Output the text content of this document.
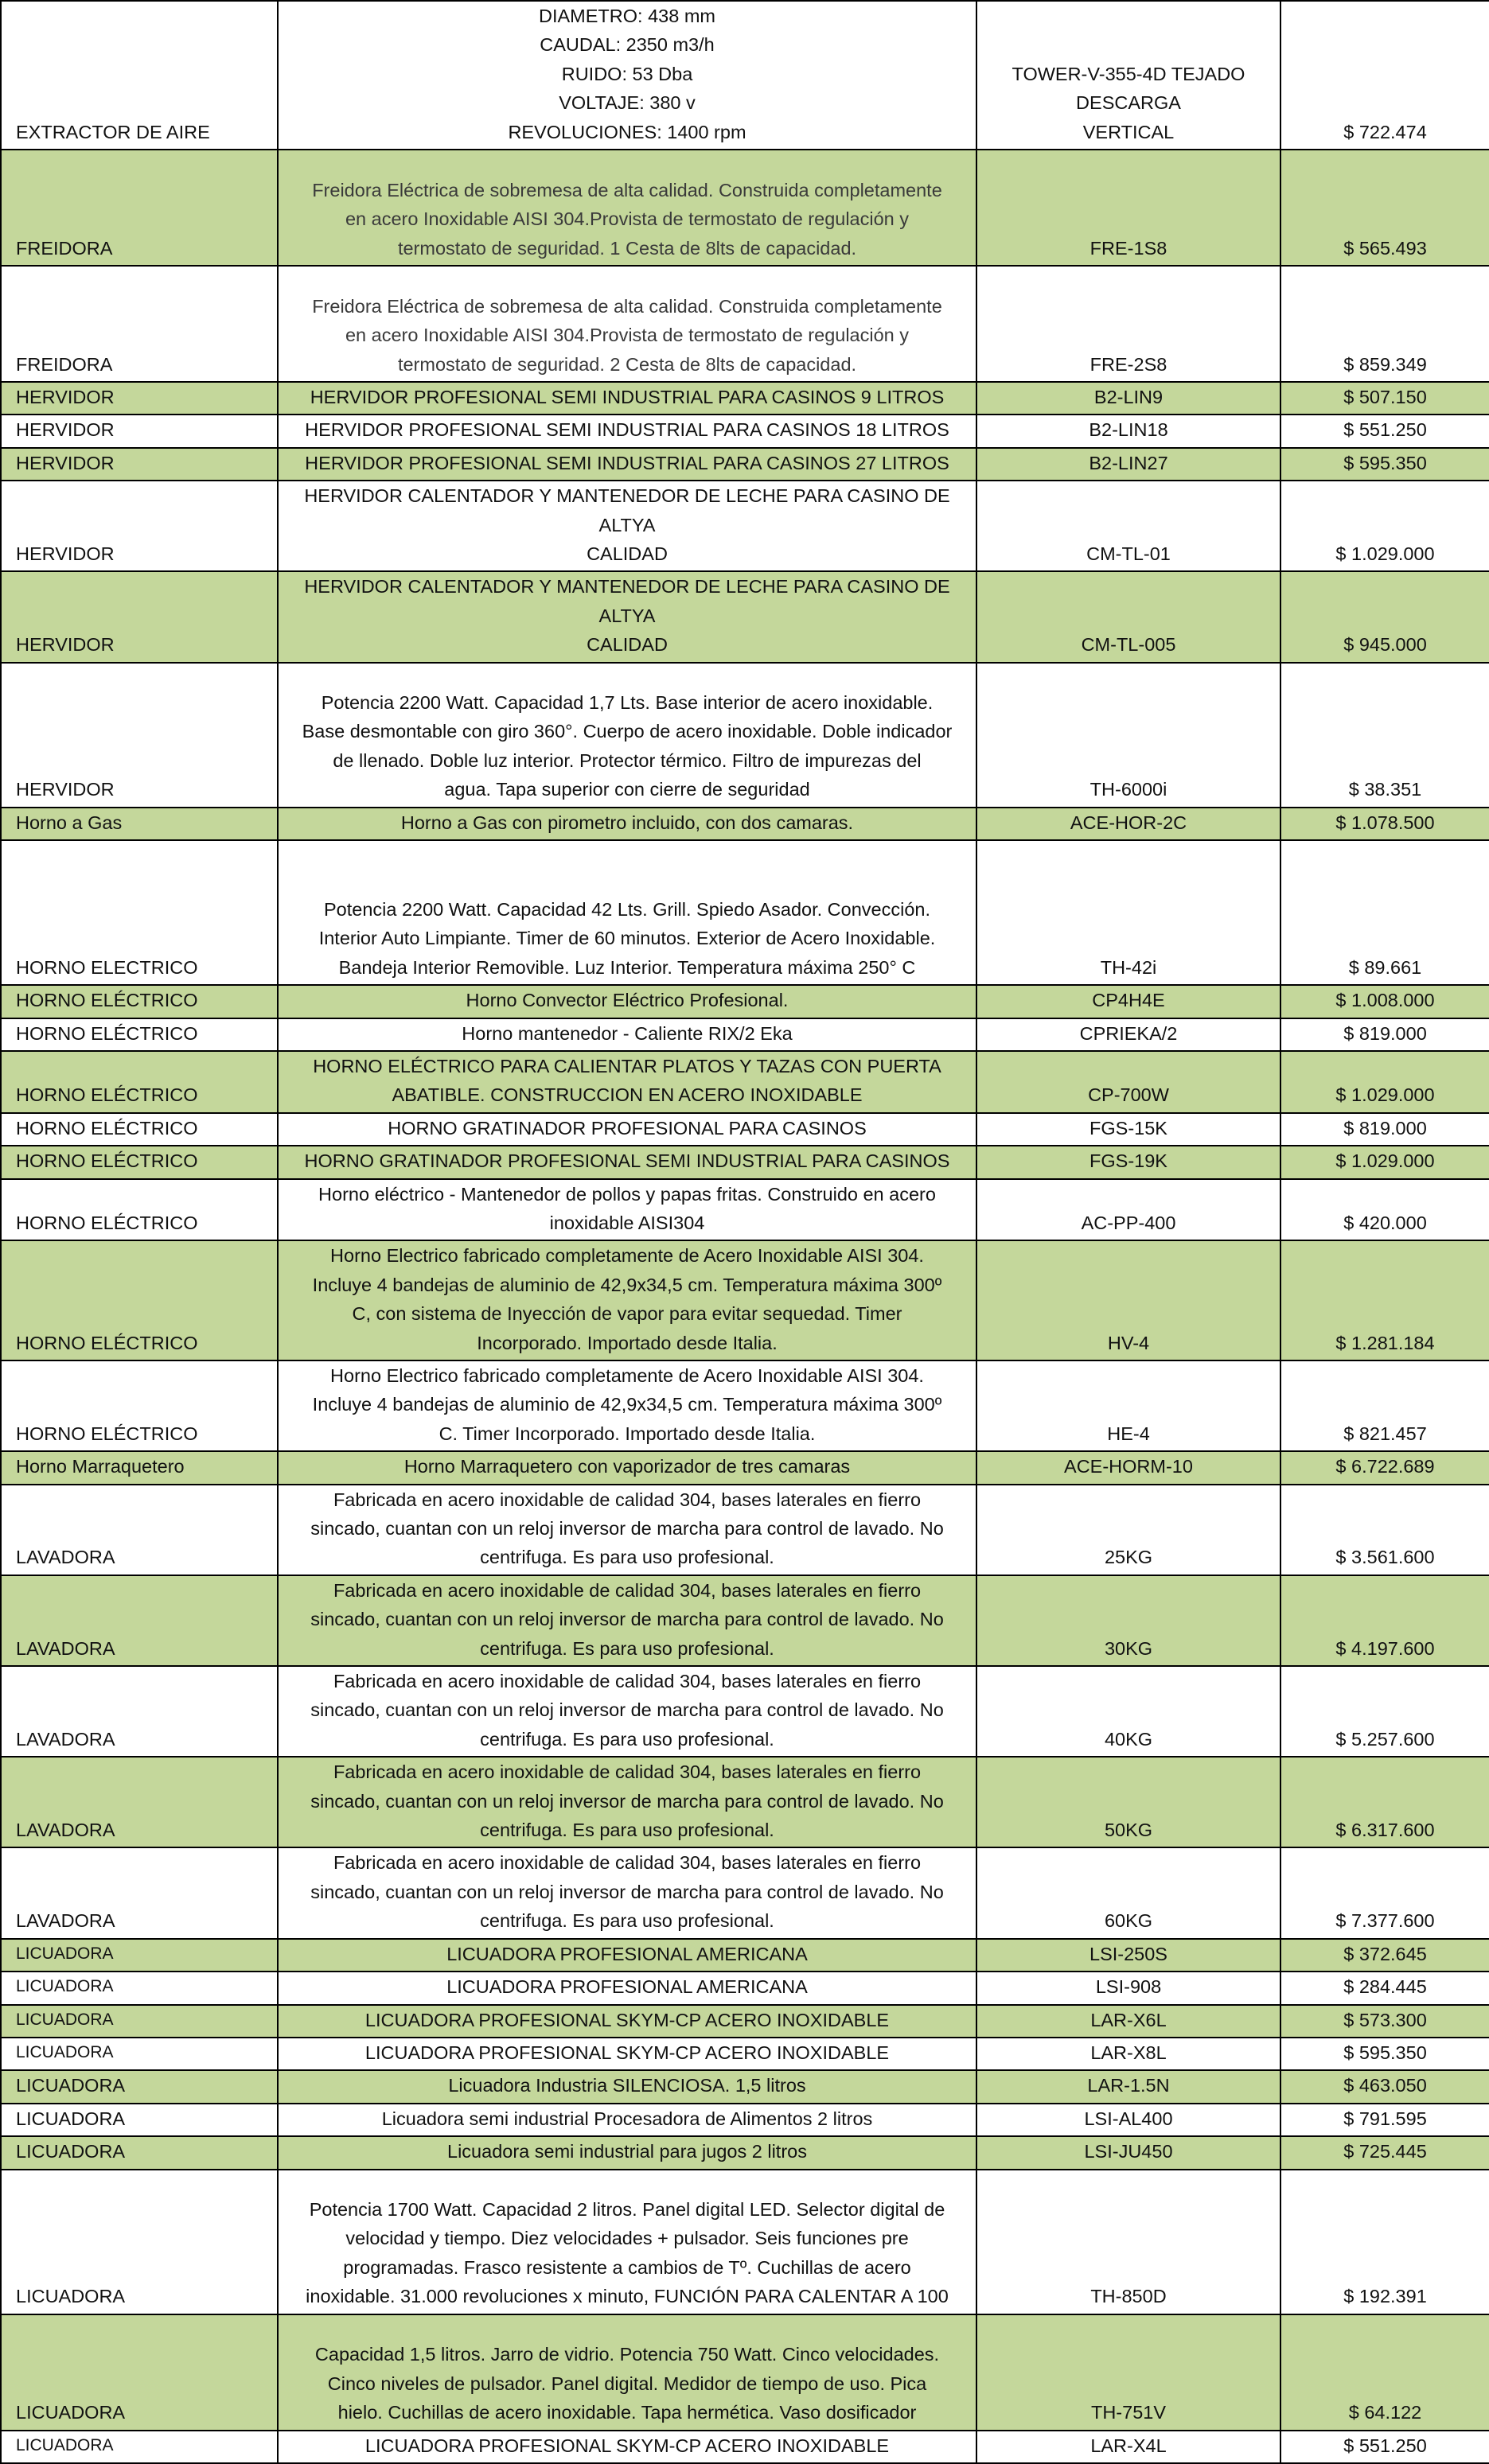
EXTRACTOR DE AIRE	DIAMETRO: 438 mm
CAUDAL: 2350 m3/h
RUIDO: 53 Dba
VOLTAJE: 380 v
REVOLUCIONES: 1400 rpm	TOWER-V-355-4D TEJADO
DESCARGA
VERTICAL	$ 722.474
FREIDORA	Freidora Eléctrica de sobremesa de alta calidad. Construida completamente
en acero Inoxidable AISI 304.Provista de termostato de regulación y
termostato de seguridad. 1 Cesta de 8lts de capacidad.	FRE-1S8	$ 565.493
FREIDORA	Freidora Eléctrica de sobremesa de alta calidad. Construida completamente
en acero Inoxidable AISI 304.Provista de termostato de regulación y
termostato de seguridad. 2 Cesta de 8lts de capacidad.	FRE-2S8	$ 859.349
HERVIDOR	HERVIDOR PROFESIONAL SEMI INDUSTRIAL PARA CASINOS 9 LITROS	B2-LIN9	$ 507.150
HERVIDOR	HERVIDOR PROFESIONAL SEMI INDUSTRIAL PARA CASINOS 18 LITROS	B2-LIN18	$ 551.250
HERVIDOR	HERVIDOR PROFESIONAL SEMI INDUSTRIAL PARA CASINOS 27 LITROS	B2-LIN27	$ 595.350
HERVIDOR	HERVIDOR CALENTADOR Y MANTENEDOR DE LECHE PARA CASINO DE ALTYA
CALIDAD	CM-TL-01	$ 1.029.000
HERVIDOR	HERVIDOR CALENTADOR Y MANTENEDOR DE LECHE PARA CASINO DE ALTYA
CALIDAD	CM-TL-005	$ 945.000
HERVIDOR	Potencia 2200 Watt. Capacidad 1,7 Lts. Base interior de acero inoxidable.
Base desmontable con giro 360°. Cuerpo de acero inoxidable. Doble indicador
de llenado. Doble luz interior. Protector térmico. Filtro de impurezas del
agua. Tapa superior con cierre de seguridad	TH-6000i	$ 38.351
Horno a Gas	Horno a Gas con pirometro incluido, con dos camaras.	ACE-HOR-2C	$ 1.078.500
HORNO ELECTRICO	Potencia 2200 Watt. Capacidad 42 Lts. Grill. Spiedo Asador. Convección.
Interior Auto Limpiante. Timer de 60 minutos. Exterior de Acero Inoxidable.
Bandeja Interior Removible. Luz Interior. Temperatura máxima 250° C	TH-42i	$ 89.661
HORNO ELÉCTRICO	Horno Convector Eléctrico Profesional.	CP4H4E	$ 1.008.000
HORNO ELÉCTRICO	Horno mantenedor - Caliente RIX/2 Eka	CPRIEKA/2	$ 819.000
HORNO ELÉCTRICO	HORNO ELÉCTRICO PARA CALIENTAR PLATOS Y TAZAS CON PUERTA
ABATIBLE. CONSTRUCCION EN ACERO INOXIDABLE	CP-700W	$ 1.029.000
HORNO ELÉCTRICO	HORNO GRATINADOR PROFESIONAL PARA CASINOS	FGS-15K	$ 819.000
HORNO ELÉCTRICO	HORNO GRATINADOR PROFESIONAL SEMI INDUSTRIAL PARA CASINOS	FGS-19K	$ 1.029.000
HORNO ELÉCTRICO	Horno eléctrico - Mantenedor de pollos y papas fritas. Construido en acero
inoxidable AISI304	AC-PP-400	$ 420.000
HORNO ELÉCTRICO	Horno Electrico fabricado completamente de Acero Inoxidable AISI 304.
Incluye 4 bandejas de aluminio de 42,9x34,5 cm. Temperatura máxima 300º
C, con sistema de Inyección de vapor para evitar sequedad. Timer
Incorporado. Importado desde Italia.	HV-4	$ 1.281.184
HORNO ELÉCTRICO	Horno Electrico fabricado completamente de Acero Inoxidable AISI 304.
Incluye 4 bandejas de aluminio de 42,9x34,5 cm. Temperatura máxima 300º
C. Timer Incorporado. Importado desde Italia.	HE-4	$ 821.457
Horno Marraquetero	Horno Marraquetero con vaporizador de tres camaras	ACE-HORM-10	$ 6.722.689
LAVADORA	Fabricada en acero inoxidable de calidad 304, bases laterales en fierro
sincado, cuantan con un reloj inversor de marcha para control de lavado. No
centrifuga. Es para uso profesional.	25KG	$ 3.561.600
LAVADORA	Fabricada en acero inoxidable de calidad 304, bases laterales en fierro
sincado, cuantan con un reloj inversor de marcha para control de lavado. No
centrifuga. Es para uso profesional.	30KG	$ 4.197.600
LAVADORA	Fabricada en acero inoxidable de calidad 304, bases laterales en fierro
sincado, cuantan con un reloj inversor de marcha para control de lavado. No
centrifuga. Es para uso profesional.	40KG	$ 5.257.600
LAVADORA	Fabricada en acero inoxidable de calidad 304, bases laterales en fierro
sincado, cuantan con un reloj inversor de marcha para control de lavado. No
centrifuga. Es para uso profesional.	50KG	$ 6.317.600
LAVADORA	Fabricada en acero inoxidable de calidad 304, bases laterales en fierro
sincado, cuantan con un reloj inversor de marcha para control de lavado. No
centrifuga. Es para uso profesional.	60KG	$ 7.377.600
LICUADORA	LICUADORA PROFESIONAL AMERICANA	LSI-250S	$ 372.645
LICUADORA	LICUADORA PROFESIONAL AMERICANA	LSI-908	$ 284.445
LICUADORA	LICUADORA PROFESIONAL SKYM-CP ACERO INOXIDABLE	LAR-X6L	$ 573.300
LICUADORA	LICUADORA PROFESIONAL SKYM-CP ACERO INOXIDABLE	LAR-X8L	$ 595.350
LICUADORA	Licuadora Industria SILENCIOSA. 1,5 litros	LAR-1.5N	$ 463.050
LICUADORA	Licuadora semi industrial Procesadora de Alimentos 2 litros	LSI-AL400	$ 791.595
LICUADORA	Licuadora semi industrial para jugos 2 litros	LSI-JU450	$ 725.445
LICUADORA	Potencia 1700 Watt. Capacidad 2 litros. Panel digital LED. Selector digital de
velocidad y tiempo. Diez velocidades + pulsador. Seis funciones pre
programadas. Frasco resistente a cambios de Tº. Cuchillas de acero
inoxidable. 31.000 revoluciones x minuto, FUNCIÓN PARA CALENTAR A 100	TH-850D	$ 192.391
LICUADORA	Capacidad 1,5 litros. Jarro de vidrio. Potencia 750 Watt. Cinco velocidades.
Cinco niveles de pulsador. Panel digital. Medidor de tiempo de uso. Pica
hielo. Cuchillas de acero inoxidable. Tapa hermética. Vaso dosificador	TH-751V	$ 64.122
LICUADORA	LICUADORA PROFESIONAL SKYM-CP ACERO INOXIDABLE	LAR-X4L	$ 551.250
